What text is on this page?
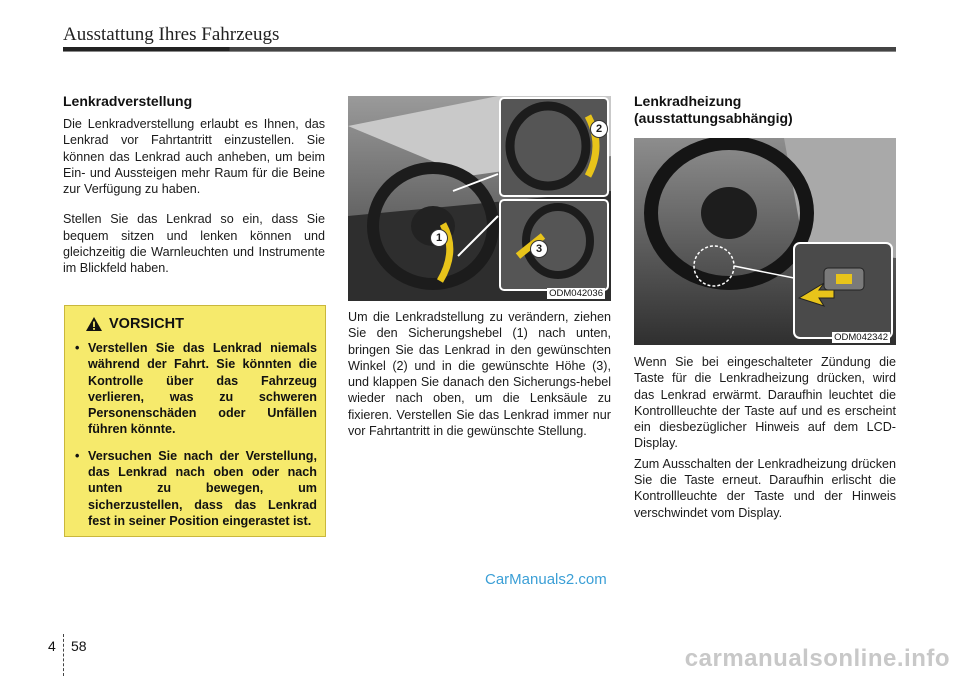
Ausstattung Ihres Fahrzeugs
Lenkradverstellung

Die Lenkradverstellung erlaubt es Ihnen, das Lenkrad vor Fahrtantritt einzustellen. Sie können das Lenkrad auch anheben, um beim Ein- und Aussteigen mehr Raum für die Beine zur Verfügung zu haben.

Stellen Sie das Lenkrad so ein, dass Sie bequem sitzen und lenken können und gleichzeitig die Warnleuchten und Instrumente im Blickfeld haben.

VORSICHT
• Verstellen Sie das Lenkrad niemals während der Fahrt. Sie könnten die Kontrolle über das Fahrzeug verlieren, was zu schweren Personenschäden oder Unfällen führen könnte.
• Versuchen Sie nach der Verstellung, das Lenkrad nach oben oder nach unten zu bewegen, um sicherzustellen, dass das Lenkrad fest in seiner Position eingerastet ist.
1
2
3
ODM042036

Um die Lenkradstellung zu verändern, ziehen Sie den Sicherungshebel (1) nach unten, bringen Sie das Lenkrad in den gewünschten Winkel (2) und in die gewünschte Höhe (3), und klappen Sie danach den Sicherungs-hebel wieder nach oben, um die Lenksäule zu fixieren. Verstellen Sie das Lenkrad immer nur vor Fahrtantritt in die gewünschte Stellung.

Lenkradheizung
(ausstattungsabhängig)
ODM042342

Wenn Sie bei eingeschalteter Zündung die Taste für die Lenkradheizung drücken, wird das Lenkrad erwärmt. Daraufhin leuchtet die Kontrollleuchte der Taste auf und es erscheint ein diesbezüglicher Hinweis auf dem LCD-Display.

Zum Ausschalten der Lenkradheizung drücken Sie die Taste erneut. Daraufhin erlischt die Kontrollleuchte der Taste und der Hinweis verschwindet vom Display.

4 58
CarManuals2.com
carmanualsonline.info
